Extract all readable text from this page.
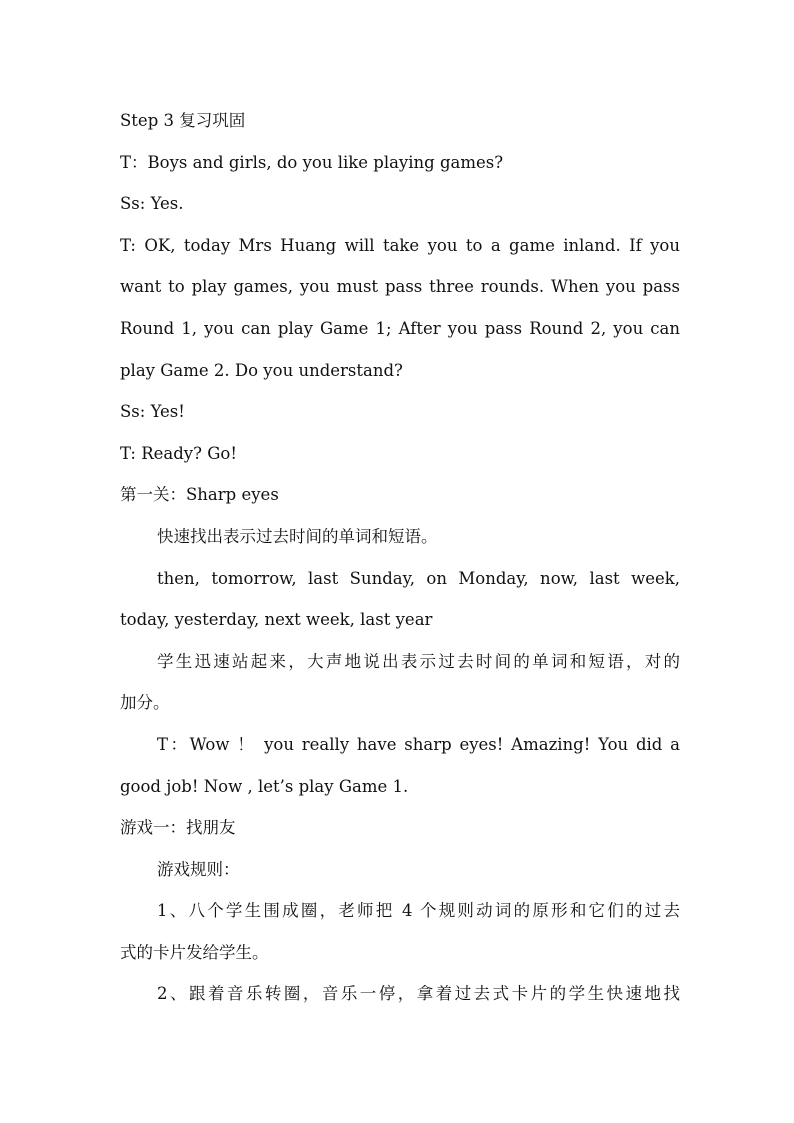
Step 3 复习巩固
T：Boys and girls, do you like playing games?
Ss: Yes.
T: OK, today Mrs Huang will take you to a game inland. If you
want to play games, you must pass three rounds. When you pass
Round 1, you can play Game 1; After you pass Round 2, you can
play Game 2. Do you understand?
Ss: Yes!
T: Ready? Go!
第一关：Sharp eyes
快速找出表示过去时间的单词和短语。
then, tomorrow, last Sunday, on Monday, now, last week,
today, yesterday, next week, last year
学生迅速站起来，大声地说出表示过去时间的单词和短语，对的
加分。
T：Wow ！ you really have sharp eyes! Amazing! You did a
good job! Now , let’s play Game 1.
游戏一：找朋友
游戏规则：
1、八个学生围成圈，老师把 4 个规则动词的原形和它们的过去
式的卡片发给学生。
2、跟着音乐转圈，音乐一停，拿着过去式卡片的学生快速地找
